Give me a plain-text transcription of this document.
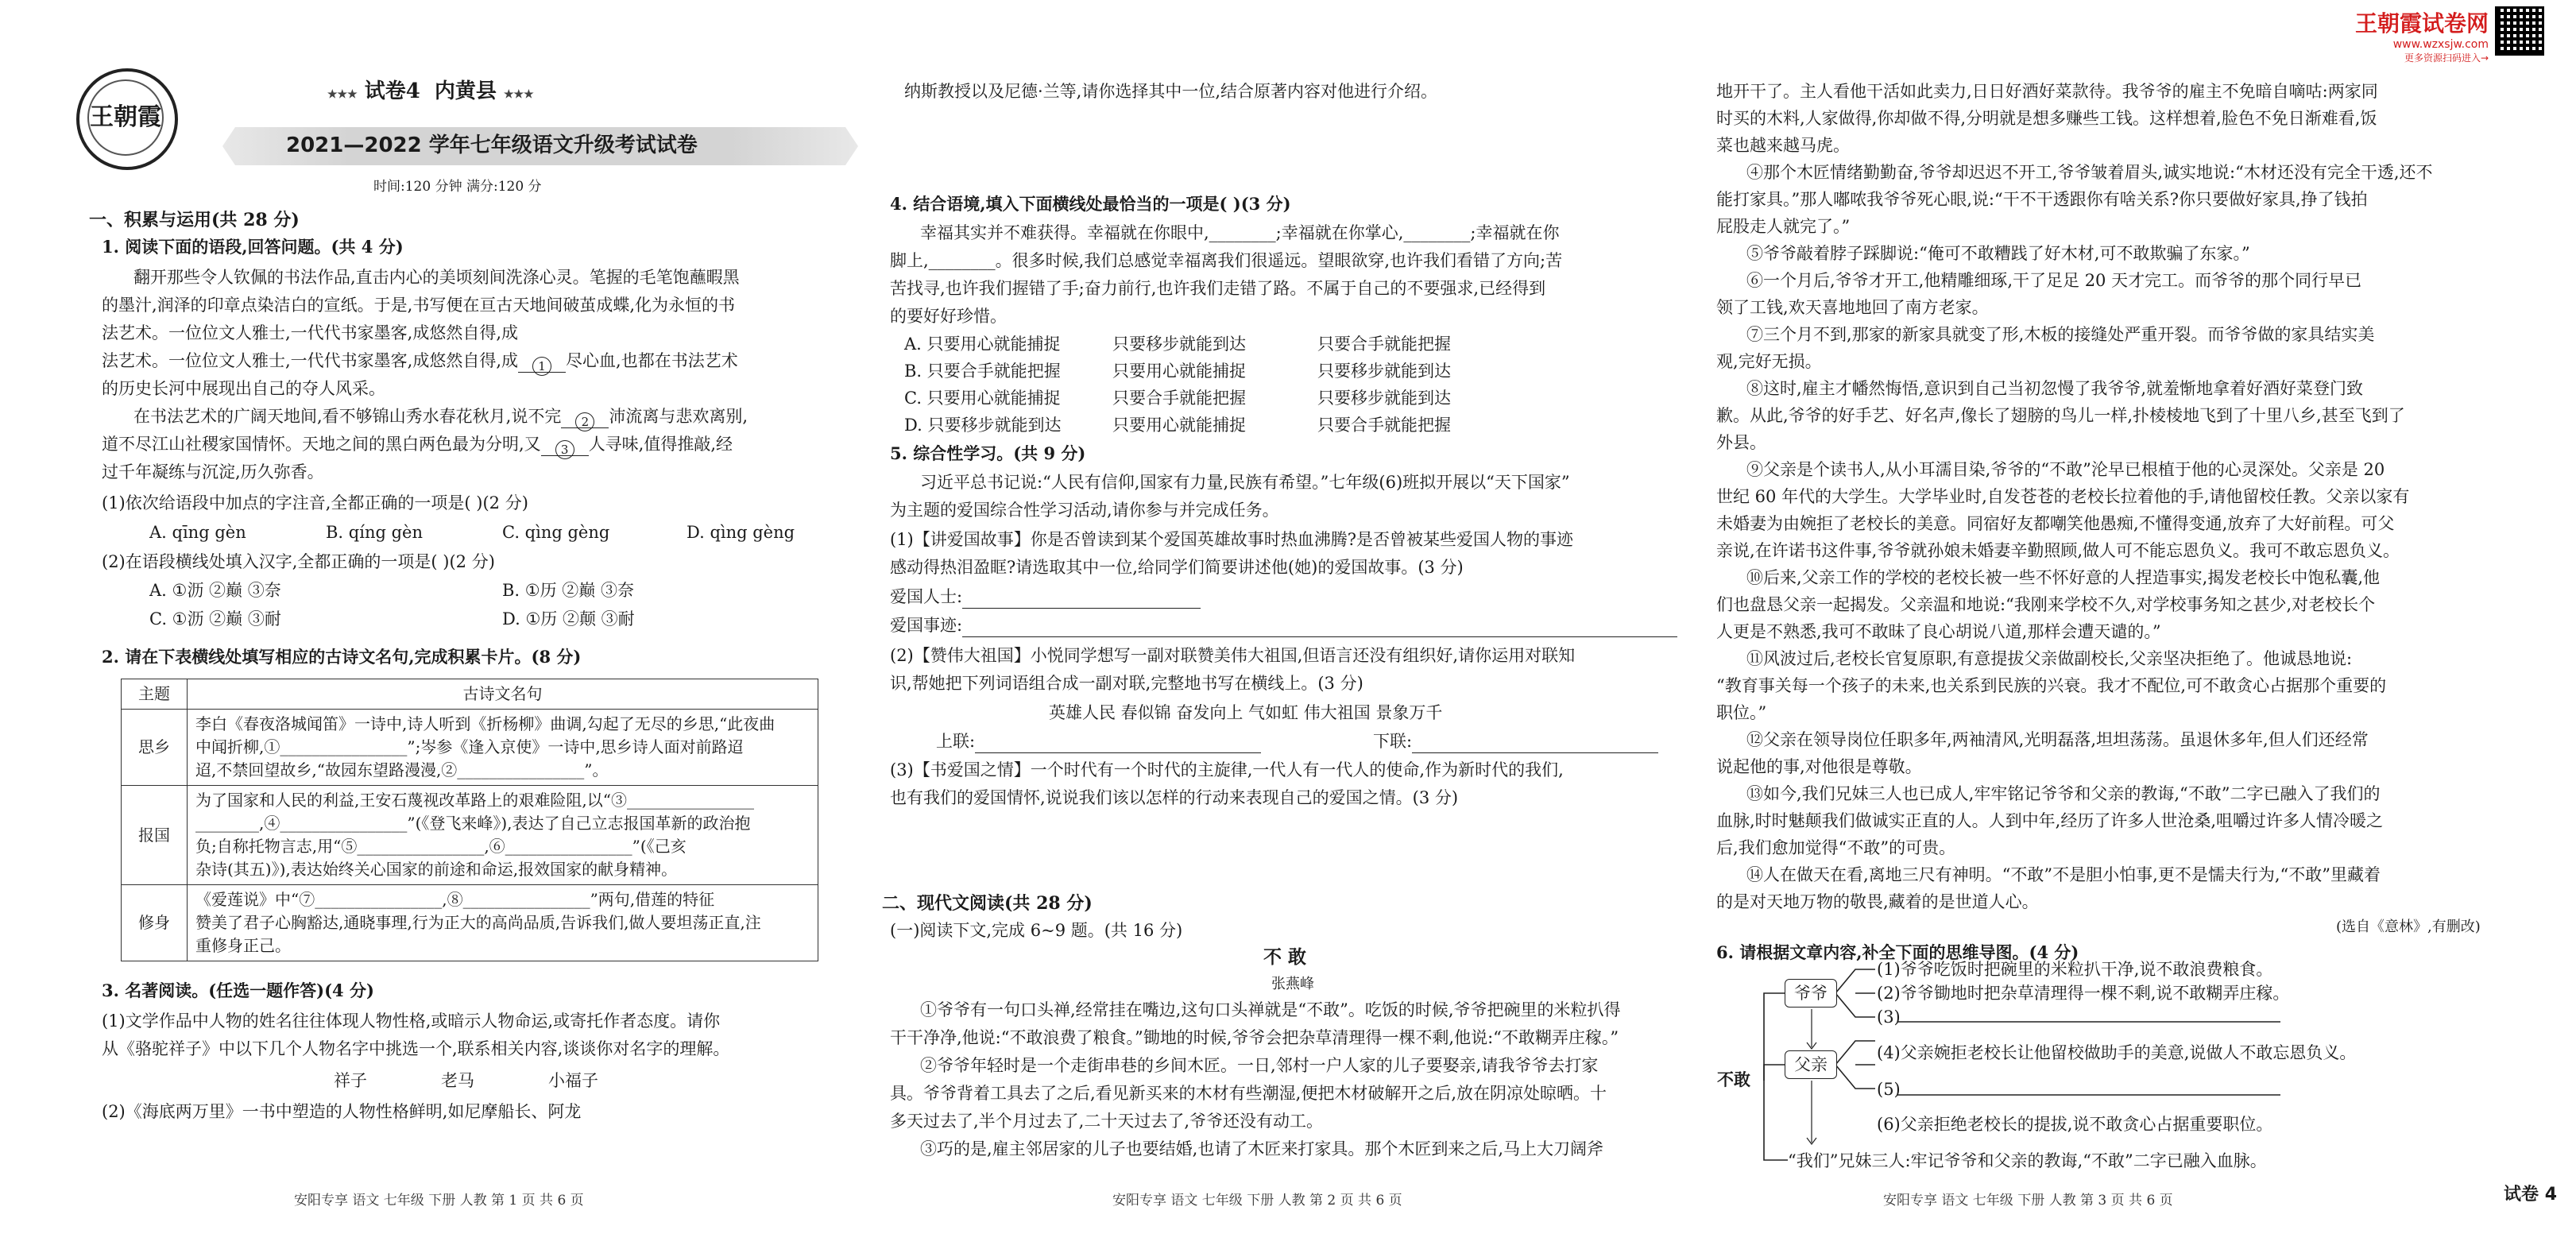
王朝霞
★★★ 试卷4 内黄县 ★★★
2021—2022 学年七年级语文升级考试试卷
时间:120 分钟 满分:120 分
一、积累与运用(共 28 分)
1. 阅读下面的语段,回答问题。(共 4 分)
翻开那些令人钦佩的书法作品,直击内心的美顷刻间洗涤心灵。笔握的毛笔饱蘸暇黑
的墨汁,润泽的印章点染洁白的宣纸。于是,书写便在亘古天地间破茧成蝶,化为永恒的书
法艺术。一位位文人雅士,一代代书家墨客,成悠然自得,成
法艺术。一位位文人雅士,一代代书家墨客,成悠然自得,成 1 尽心血,也都在书法艺术
的历史长河中展现出自己的夺人风采。
在书法艺术的广阔天地间,看不够锦山秀水春花秋月,说不完 2 沛流离与悲欢离别,
道不尽江山社稷家国情怀。天地之间的黑白两色最为分明,又 3 人寻味,值得推敲,经
过千年凝练与沉淀,历久弥香。
(1)依次给语段中加点的字注音,全都正确的一项是( )(2 分)
A. qīng gèn	B. qíng gèn	C. qìng gèng	D. qìng gèng
(2)在语段横线处填入汉字,全都正确的一项是( )(2 分)
A. ①沥 ②巅 ③奈	B. ①历 ②巅 ③奈
C. ①沥 ②巅 ③耐	D. ①历 ②颠 ③耐
2. 请在下表横线处填写相应的古诗文名句,完成积累卡片。(8 分)
主题	古诗文名句
思乡	李白《春夜洛城闻笛》一诗中,诗人听到《折杨柳》曲调,勾起了无尽的乡思,“此夜曲
中闻折柳,①________________”;岑参《逢入京使》一诗中,思乡诗人面对前路迢
迢,不禁回望故乡,“故园东望路漫漫,②________________”。

报国	为了国家和人民的利益,王安石蔑视改革路上的艰难险阻,以“③________________
________,④________________”(《登飞来峰》),表达了自己立志报国革新的政治抱
负;自称托物言志,用“⑤________________,⑥________________”(《己亥
杂诗(其五)》),表达始终关心国家的前途和命运,报效国家的献身精神。

修身	《爱莲说》中“⑦________________,⑧________________”两句,借莲的特征
赞美了君子心胸豁达,通晓事理,行为正大的高尚品质,告诉我们,做人要坦荡正直,注
重修身正己。
3. 名著阅读。(任选一题作答)(4 分)
(1)文学作品中人物的姓名往往体现人物性格,或暗示人物命运,或寄托作者态度。请你
从《骆驼祥子》中以下几个人物名字中挑选一个,联系相关内容,谈谈你对名字的理解。
祥子	老马	小福子
(2)《海底两万里》一书中塑造的人物性格鲜明,如尼摩船长、阿龙
安阳专享 语文 七年级 下册 人教 第 1 页 共 6 页
纳斯教授以及尼德·兰等,请你选择其中一位,结合原著内容对他进行介绍。
4. 结合语境,填入下面横线处最恰当的一项是( )(3 分)
幸福其实并不难获得。幸福就在你眼中,________;幸福就在你掌心,________;幸福就在你
脚上,________。很多时候,我们总感觉幸福离我们很遥远。望眼欲穿,也许我们看错了方向;苦
苦找寻,也许我们握错了手;奋力前行,也许我们走错了路。不属于自己的不要强求,已经得到
的要好好珍惜。
A. 只要用心就能捕捉	只要移步就能到达	只要合手就能把握
B. 只要合手就能把握	只要用心就能捕捉	只要移步就能到达
C. 只要用心就能捕捉	只要合手就能把握	只要移步就能到达
D. 只要移步就能到达	只要用心就能捕捉	只要合手就能把握
5. 综合性学习。(共 9 分)
习近平总书记说:“人民有信仰,国家有力量,民族有希望。”七年级(6)班拟开展以“天下国家”
为主题的爱国综合性学习活动,请你参与并完成任务。
(1)【讲爱国故事】你是否曾读到某个爱国英雄故事时热血沸腾?是否曾被某些爱国人物的事迹
感动得热泪盈眶?请选取其中一位,给同学们简要讲述他(她)的爱国故事。(3 分)
爱国人士:
爱国事迹:
(2)【赞伟大祖国】小悦同学想写一副对联赞美伟大祖国,但语言还没有组织好,请你运用对联知
识,帮她把下列词语组合成一副对联,完整地书写在横线上。(3 分)
英雄人民 春似锦 奋发向上 气如虹 伟大祖国 景象万千
上联:	下联:
(3)【书爱国之情】一个时代有一个时代的主旋律,一代人有一代人的使命,作为新时代的我们,
也有我们的爱国情怀,说说我们该以怎样的行动来表现自己的爱国之情。(3 分)
二、现代文阅读(共 28 分)
(一)阅读下文,完成 6~9 题。(共 16 分)
不 敢
张燕峰
①爷爷有一句口头禅,经常挂在嘴边,这句口头禅就是“不敢”。吃饭的时候,爷爷把碗里的米粒扒得
干干净净,他说:“不敢浪费了粮食。”锄地的时候,爷爷会把杂草清理得一棵不剩,他说:“不敢糊弄庄稼。”
②爷爷年轻时是一个走街串巷的乡间木匠。一日,邻村一户人家的儿子要娶亲,请我爷爷去打家
具。爷爷背着工具去了之后,看见新买来的木材有些潮湿,便把木材破解开之后,放在阴凉处晾晒。十
多天过去了,半个月过去了,二十天过去了,爷爷还没有动工。
③巧的是,雇主邻居家的儿子也要结婚,也请了木匠来打家具。那个木匠到来之后,马上大刀阔斧
安阳专享 语文 七年级 下册 人教 第 2 页 共 6 页
王朝霞试卷网
www.wzxsjw.com
更多资源扫码进入→
地开干了。主人看他干活如此卖力,日日好酒好菜款待。我爷爷的雇主不免暗自嘀咕:两家同
时买的木料,人家做得,你却做不得,分明就是想多赚些工钱。这样想着,脸色不免日渐难看,饭
菜也越来越马虎。
④那个木匠情绪勤勤奋,爷爷却迟迟不开工,爷爷皱着眉头,诚实地说:“木材还没有完全干透,还不
能打家具。”那人嘟哝我爷爷死心眼,说:“干不干透跟你有啥关系?你只要做好家具,挣了钱拍
屁股走人就完了。”
⑤爷爷敲着脖子踩脚说:“俺可不敢糟践了好木材,可不敢欺骗了东家。”
⑥一个月后,爷爷才开工,他精雕细琢,干了足足 20 天才完工。而爷爷的那个同行早已
领了工钱,欢天喜地地回了南方老家。
⑦三个月不到,那家的新家具就变了形,木板的接缝处严重开裂。而爷爷做的家具结实美
观,完好无损。
⑧这时,雇主才幡然悔悟,意识到自己当初忽慢了我爷爷,就羞惭地拿着好酒好菜登门致
歉。从此,爷爷的好手艺、好名声,像长了翅膀的鸟儿一样,扑棱棱地飞到了十里八乡,甚至飞到了
外县。
⑨父亲是个读书人,从小耳濡目染,爷爷的“不敢”沦早已根植于他的心灵深处。父亲是 20
世纪 60 年代的大学生。大学毕业时,自发苍苍的老校长拉着他的手,请他留校任教。父亲以家有
未婚妻为由婉拒了老校长的美意。同宿好友都嘲笑他愚痴,不懂得变通,放弃了大好前程。可父
亲说,在许诺书这件事,爷爷就孙娘未婚妻辛勤照顾,做人可不能忘恩负义。我可不敢忘恩负义。
⑩后来,父亲工作的学校的老校长被一些不怀好意的人捏造事实,揭发老校长中饱私囊,他
们也盘恳父亲一起揭发。父亲温和地说:“我刚来学校不久,对学校事务知之甚少,对老校长个
人更是不熟悉,我可不敢昧了良心胡说八道,那样会遭天谴的。”
⑪风波过后,老校长官复原职,有意提拔父亲做副校长,父亲坚决拒绝了。他诚恳地说:
“教育事关每一个孩子的未来,也关系到民族的兴衰。我才不配位,可不敢贪心占据那个重要的
职位。”
⑫父亲在领导岗位任职多年,两袖清风,光明磊落,坦坦荡荡。虽退休多年,但人们还经常
说起他的事,对他很是尊敬。
⑬如今,我们兄妹三人也已成人,牢牢铭记爷爷和父亲的教诲,“不敢”二字已融入了我们的
血脉,时时魅颠我们做诚实正直的人。人到中年,经历了许多人世沧桑,咀嚼过许多人情冷暖之
后,我们愈加觉得“不敢”的可贵。
⑭人在做天在看,离地三尺有神明。“不敢”不是胆小怕事,更不是懦夫行为,“不敢”里藏着
的是对天地万物的敬畏,藏着的是世道人心。
(选自《意林》,有删改)
6. 请根据文章内容,补全下面的思维导图。(4 分)
不敢
爷爷
父亲
“我们”兄妹三人:牢记爷爷和父亲的教诲,“不敢”二字已融入血脉。
(1)爷爷吃饭时把碗里的米粒扒干净,说不敢浪费粮食。
(2)爷爷锄地时把杂草清理得一棵不剩,说不敢糊弄庄稼。
(3)
(4)父亲婉拒老校长让他留校做助手的美意,说做人不敢忘恩负义。
(5)
(6)父亲拒绝老校长的提拔,说不敢贪心占据重要职位。
安阳专享 语文 七年级 下册 人教 第 3 页 共 6 页	试卷 4
